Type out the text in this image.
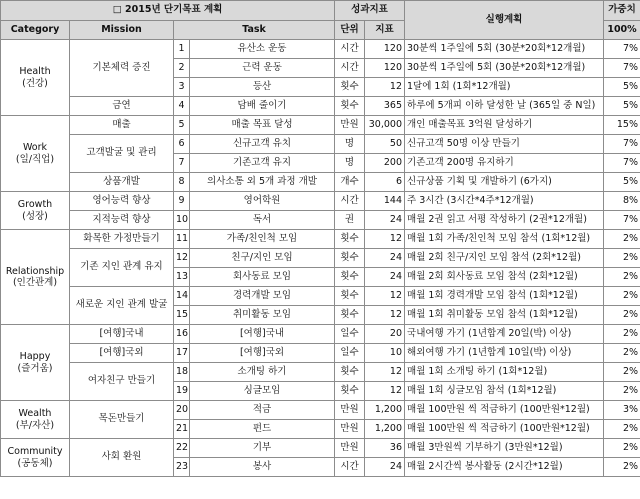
□ 2015년 단기목표 계획				성과지표		실행계획	가중치
Category	Mission	Task		단위	지표		100%
Health
(건강)	기본체력 증진	1	유산소 운동	시간	120	30분씩 1주일에 5회 (30분*20회*12개월)	7%
		2	근력 운동	시간	120	30분씩 1주일에 5회 (30분*20회*12개월)	7%
		3	등산	횟수	12	1달에 1회 (1회*12개월)	5%
	금연	4	담배 줄이기	횟수	365	하루에 5개피 이하 달성한 날 (365일 중 N일)	5%
Work
(일/직업)	매출	5	매출 목표 달성	만원	30,000	개인 매출목표 3억원 달성하기	15%
	고객발굴 및 관리	6	신규고객 유치	명	50	신규고객 50명 이상 만들기	7%
		7	기존고객 유지	명	200	기존고객 200명 유지하기	7%
	상품개발	8	의사소통 외 5개 과정 개발	개수	6	신규상품 기획 및 개발하기 (6가지)	5%
Growth
(성장)	영어능력 향상	9	영어학원	시간	144	주 3시간 (3시간*4주*12개월)	8%
	지적능력 향상	10	독서	권	24	매월 2권 읽고 서평 작성하기 (2권*12개월)	7%
Relationship
(인간관계)	화목한 가정만들기	11	가족/친인척 모임	횟수	12	매월 1회 가족/친인척 모임 참석 (1회*12월)	2%
	기존 지인 관계 유지	12	친구/지인 모임	횟수	24	매월 2회 친구/지인 모임 참석 (2회*12월)	2%
		13	회사동료 모임	횟수	24	매월 2회 회사동료 모임 참석 (2회*12월)	2%
	새로운 지인 관계 발굴	14	경력개발 모임	횟수	12	매월 1회 경력개발 모임 참석 (1회*12월)	2%
		15	취미활동 모임	횟수	12	매월 1회 취미활동 모임 참석 (1회*12월)	2%
Happy
(즐거움)	[여행]국내	16	[여행]국내	일수	20	국내여행 가기 (1년합계 20일(박) 이상)	2%
	[여행]국외	17	[여행]국외	일수	10	해외여행 가기 (1년합계 10일(박) 이상)	2%
	여자친구 만들기	18	소개팅 하기	횟수	12	매월 1회 소개팅 하기 (1회*12월)	2%
		19	싱글모임	횟수	12	매월 1회 싱글모임 참석 (1회*12월)	2%
Wealth
(부/자산)	목돈만들기	20	적금	만원	1,200	매월 100만원 씩 적금하기 (100만원*12월)	3%
		21	펀드	만원	1,200	매월 100만원 씩 적금하기 (100만원*12월)	2%
Community
(공동체)	사회 환원	22	기부	만원	36	매월 3만원씩 기부하기 (3만원*12월)	2%
		23	봉사	시간	24	매월 2시간씩 봉사활동 (2시간*12월)	2%
